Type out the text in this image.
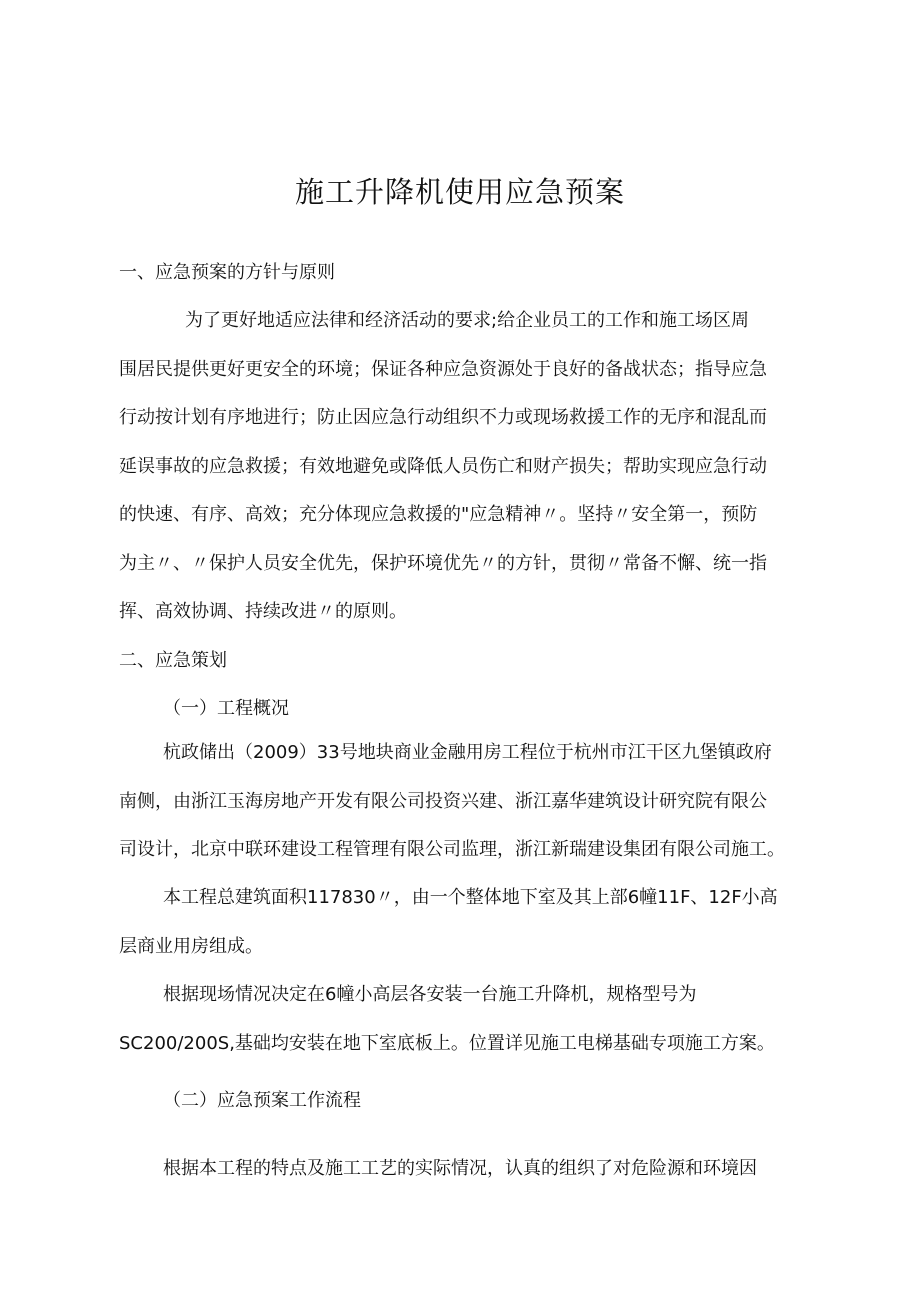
施工升降机使用应急预案
一、应急预案的方针与原则

为了更好地适应法律和经济活动的要求;给企业员工的工作和施工场区周
围居民提供更好更安全的环境；保证各种应急资源处于良好的备战状态；指导应急
行动按计划有序地进行；防止因应急行动组织不力或现场救援工作的无序和混乱而
延误事故的应急救援；有效地避免或降低人员伤亡和财产损失；帮助实现应急行动
的快速、有序、高效；充分体现应急救援的"应急精神〃。坚持〃安全第一，预防
为主〃、〃保护人员安全优先，保护环境优先〃的方针，贯彻〃常备不懈、统一指
挥、高效协调、持续改进〃的原则。

二、应急策划
（一）工程概况

杭政储出（2009）33号地块商业金融用房工程位于杭州市江干区九堡镇政府
南侧，由浙江玉海房地产开发有限公司投资兴建、浙江嘉华建筑设计研究院有限公
司设计，北京中联环建设工程管理有限公司监理，浙江新瑞建设集团有限公司施工。

本工程总建筑面积117830〃，由一个整体地下室及其上部6幢11F、12F小高
层商业用房组成。

根据现场情况决定在6幢小高层各安装一台施工升降机，规格型号为
SC200/200S,基础均安装在地下室底板上。位置详见施工电梯基础专项施工方案。

（二）应急预案工作流程

根据本工程的特点及施工工艺的实际情况，认真的组织了对危险源和环境因
